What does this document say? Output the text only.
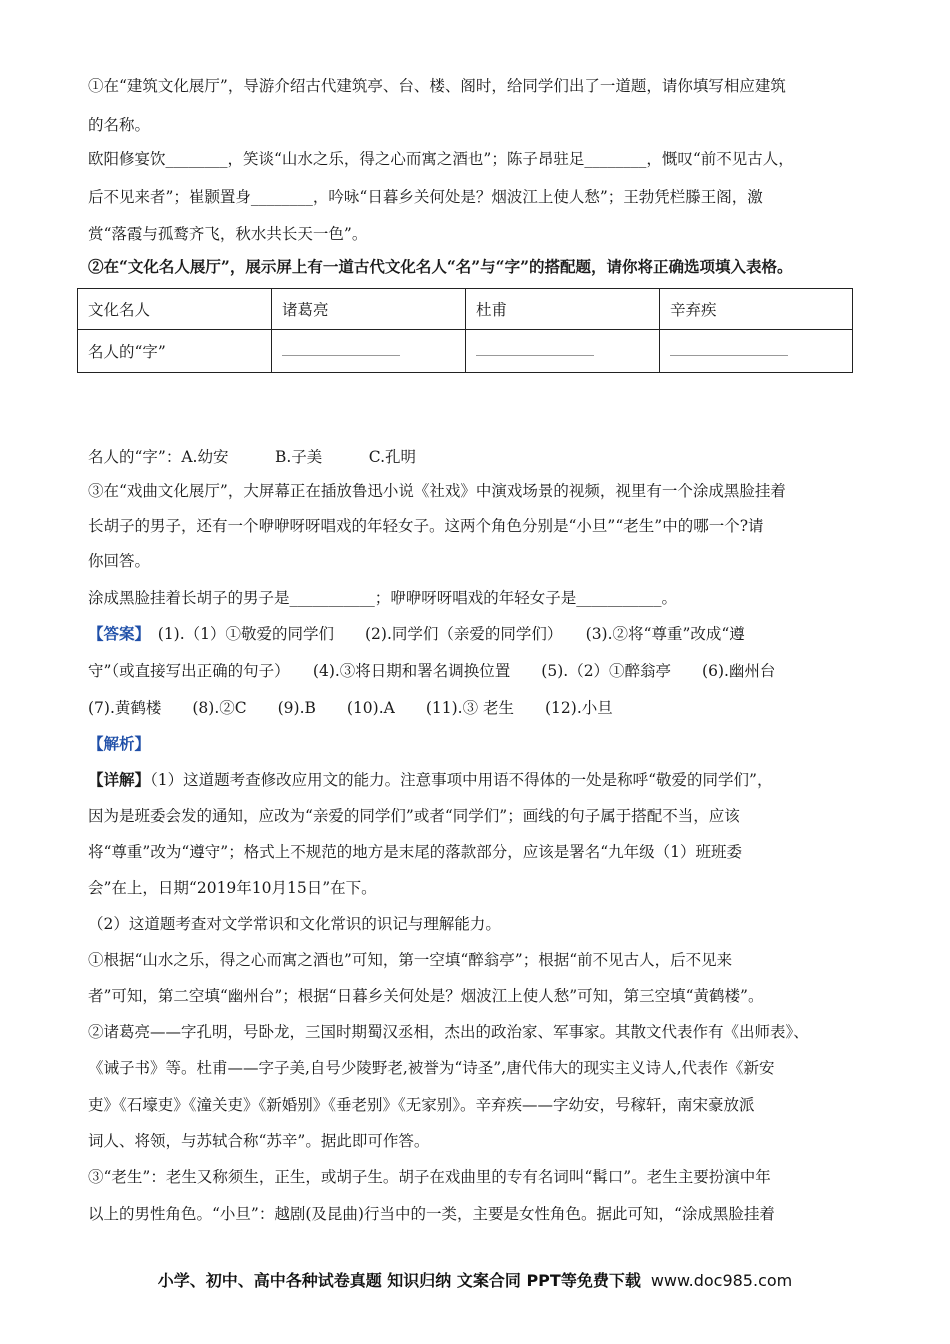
①在“建筑文化展厅”，导游介绍古代建筑亭、台、楼、阁时，给同学们出了一道题，请你填写相应建筑
的名称。
欧阳修宴饮________，笑谈“山水之乐，得之心而寓之酒也”；陈子昂驻足________，慨叹“前不见古人，
后不见来者”；崔颢置身________，吟咏“日暮乡关何处是？烟波江上使人愁”；王勃凭栏滕王阁，激
赏“落霞与孤鹜齐飞，秋水共长天一色”。
②在“文化名人展厅”，展示屏上有一道古代文化名人“名”与“字”的搭配题，请你将正确选项填入表格。
文化名人	诸葛亮	杜甫	辛弃疾
名人的“字”			
名人的“字”：A.幼安　　　B.子美　　　C.孔明
③在“戏曲文化展厅”，大屏幕正在插放鲁迅小说《社戏》中演戏场景的视频，视里有一个涂成黑脸挂着
长胡子的男子，还有一个咿咿呀呀唱戏的年轻女子。这两个角色分别是“小旦”“老生”中的哪一个?请
你回答。
涂成黑脸挂着长胡子的男子是___________；咿咿呀呀唱戏的年轻女子是___________。
【答案】　(1).（1）①敬爱的同学们　　(2).同学们（亲爱的同学们）　　(3).②将“尊重”改成“遵
守”（或直接写出正确的句子）　　(4).③将日期和署名调换位置　　(5).（2）①醉翁亭　　(6).幽州台
(7).黄鹤楼　　(8).②C　　(9).B　　(10).A　　(11).③ 老生　　(12).小旦
【解析】
【详解】（1）这道题考查修改应用文的能力。注意事项中用语不得体的一处是称呼“敬爱的同学们”，
因为是班委会发的通知，应改为“亲爱的同学们”或者“同学们”；画线的句子属于搭配不当，应该
将“尊重”改为“遵守”；格式上不规范的地方是末尾的落款部分，应该是署名“九年级（1）班班委
会”在上，日期“2019年10月15日”在下。
（2）这道题考查对文学常识和文化常识的识记与理解能力。
①根据“山水之乐，得之心而寓之酒也”可知，第一空填“醉翁亭”；根据“前不见古人，后不见来
者”可知，第二空填“幽州台”；根据“日暮乡关何处是？烟波江上使人愁”可知，第三空填“黄鹤楼”。
②诸葛亮——字孔明，号卧龙，三国时期蜀汉丞相，杰出的政治家、军事家。其散文代表作有《出师表》、
《诫子书》等。杜甫——字子美,自号少陵野老,被誉为“诗圣”,唐代伟大的现实主义诗人,代表作《新安
吏》《石壕吏》《潼关吏》《新婚别》《垂老别》《无家别》。辛弃疾——字幼安，号稼轩，南宋豪放派
词人、将领，与苏轼合称“苏辛”。据此即可作答。
③“老生”：老生又称须生，正生，或胡子生。胡子在戏曲里的专有名词叫“髯口”。老生主要扮演中年
以上的男性角色。“小旦”：越剧(及昆曲)行当中的一类，主要是女性角色。据此可知，“涂成黑脸挂着
小学、初中、高中各种试卷真题 知识归纳 文案合同 PPT等免费下载 www.doc985.com
